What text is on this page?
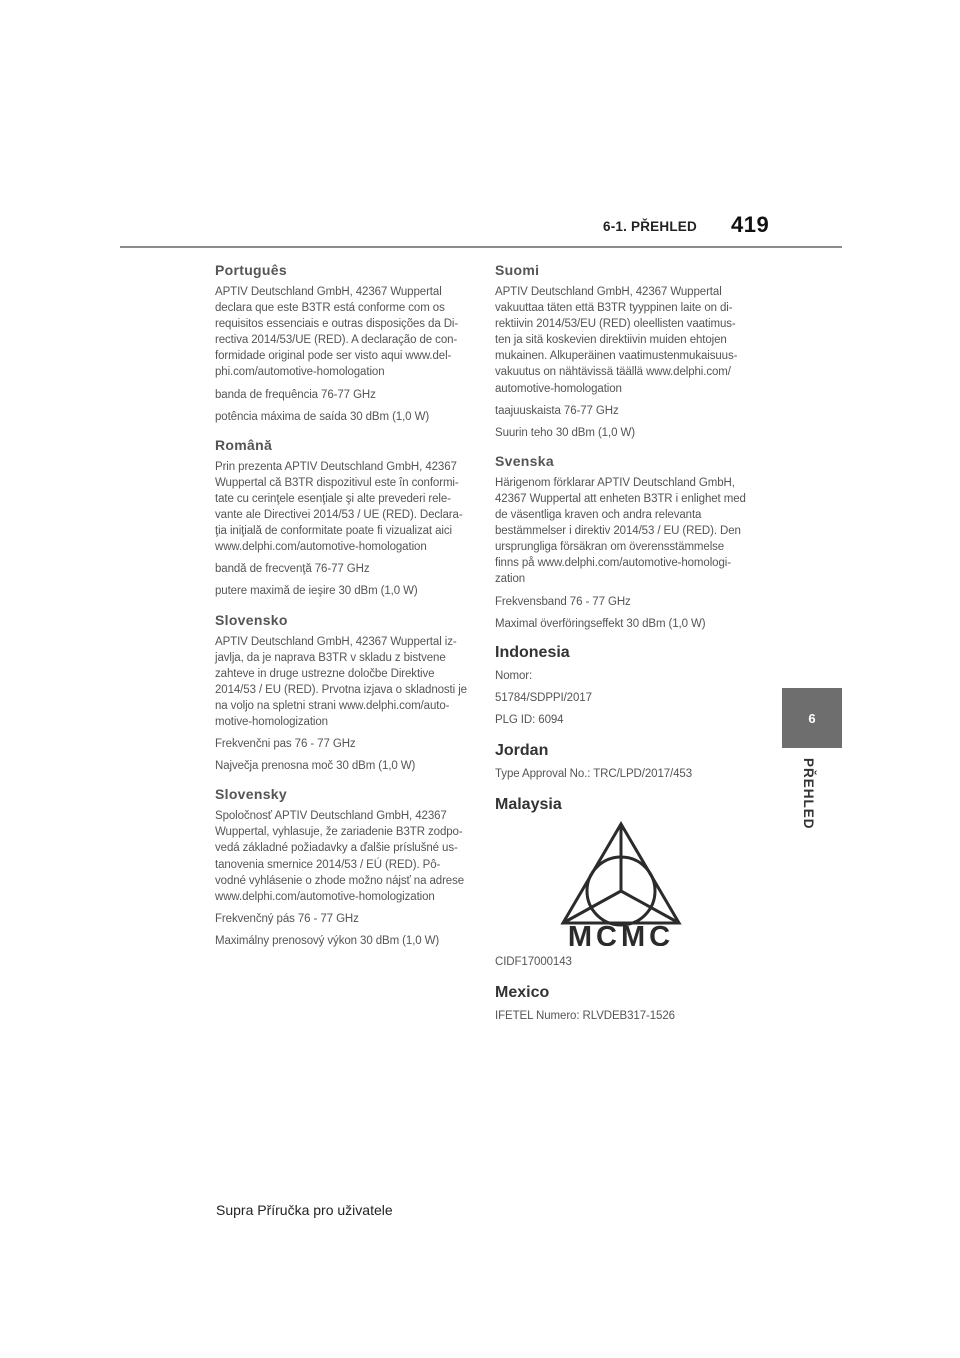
6-1. PŘEHLED 419
6
PŘEHLED
Português

APTIV Deutschland GmbH, 42367 Wuppertal declara que este B3TR está conforme com os requisitos essenciais e outras disposições da Di-rectiva 2014/53/UE (RED). A declaração de con-formidade original pode ser visto aqui www.del-phi.com/automotive-homologation

banda de frequência 76-77 GHz

potência máxima de saída 30 dBm (1,0 W)

Română

Prin prezenta APTIV Deutschland GmbH, 42367 Wuppertal că B3TR dispozitivul este în conformi-tate cu cerinţele esenţiale şi alte prevederi rele-vante ale Directivei 2014/53 / UE (RED). Declara-ţia iniţială de conformitate poate fi vizualizat aici www.delphi.com/automotive-homologation

bandă de frecvenţă 76-77 GHz

putere maximă de ieşire 30 dBm (1,0 W)

Slovensko

APTIV Deutschland GmbH, 42367 Wuppertal iz-javlja, da je naprava B3TR v skladu z bistvene zahteve in druge ustrezne določbe Direktive 2014/53 / EU (RED). Prvotna izjava o skladnosti je na voljo na spletni strani www.delphi.com/auto-motive-homologization

Frekvenčni pas 76 - 77 GHz

Največja prenosna moč 30 dBm (1,0 W)

Slovensky

Spoločnosť APTIV Deutschland GmbH, 42367 Wuppertal, vyhlasuje, že zariadenie B3TR zodpo-vedá základné požiadavky a ďalšie príslušné us-tanovenia smernice 2014/53 / EÚ (RED). Pô-vodné vyhlásenie o zhode možno nájsť na adrese www.delphi.com/automotive-homologization

Frekvenčný pás 76 - 77 GHz

Maximálny prenosový výkon 30 dBm (1,0 W)

Suomi

APTIV Deutschland GmbH, 42367 Wuppertal vakuuttaa täten että B3TR tyyppinen laite on di-rektiivin 2014/53/EU (RED) oleellisten vaatimus-ten ja sitä koskevien direktiivin muiden ehtojen mukainen. Alkuperäinen vaatimustenmukaisuus-vakuutus on nähtävissä täällä www.delphi.com/ automotive-homologation

taajuuskaista 76-77 GHz

Suurin teho 30 dBm (1,0 W)

Svenska

Härigenom förklarar APTIV Deutschland GmbH, 42367 Wuppertal att enheten B3TR i enlighet med de väsentliga kraven och andra relevanta bestämmelser i direktiv 2014/53 / EU (RED). Den ursprungliga försäkran om överensstämmelse finns på www.delphi.com/automotive-homologi-zation

Frekvensband 76 - 77 GHz

Maximal överföringseffekt 30 dBm (1,0 W)

Indonesia

Nomor:

51784/SDPPI/2017

PLG ID: 6094

Jordan

Type Approval No.: TRC/LPD/2017/453

Malaysia
MCMC

CIDF17000143

Mexico

IFETEL Numero: RLVDEB317-1526

Supra Příručka pro uživatele
